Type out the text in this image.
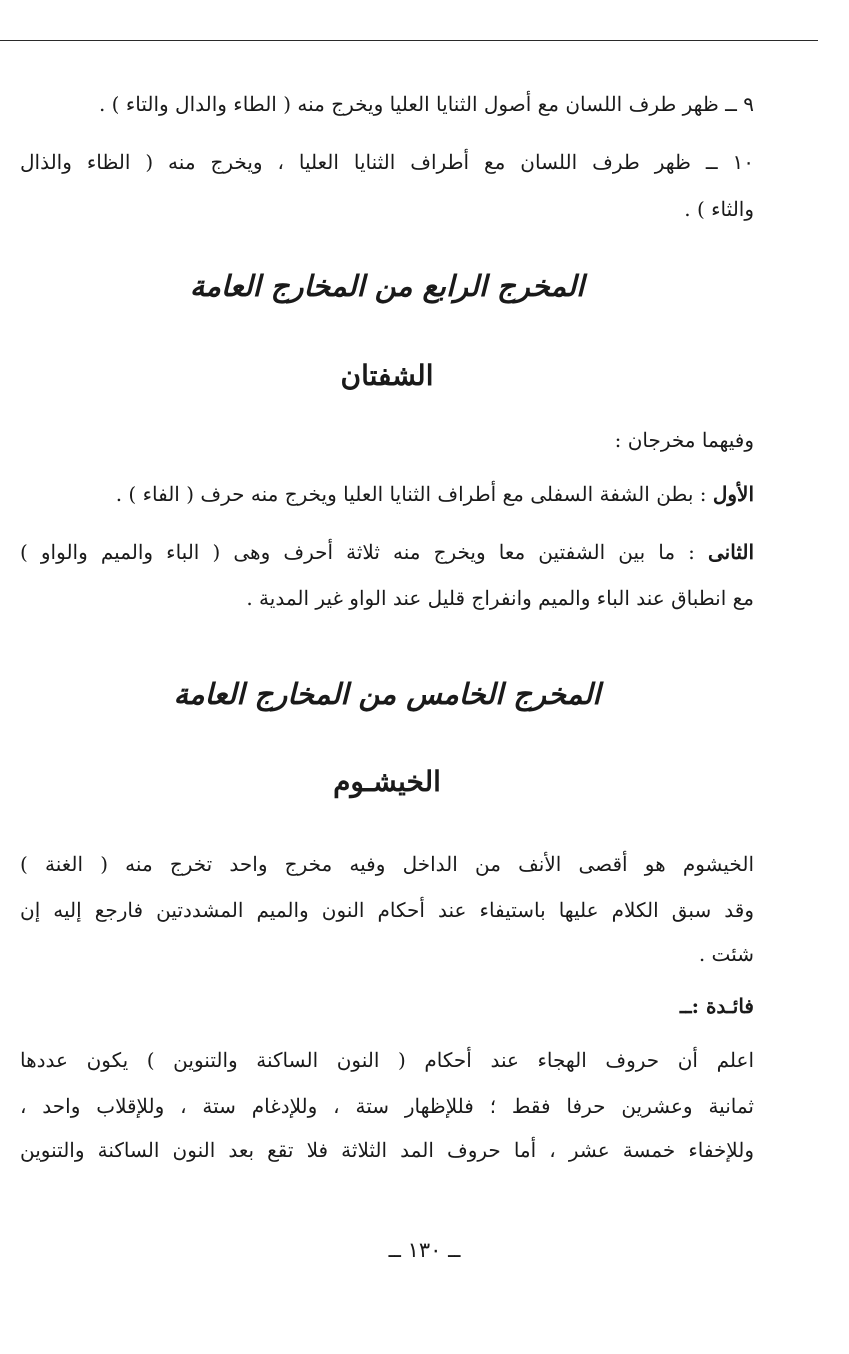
٩ ــ ظهر طرف اللسان مع أصول الثنايا العليا ويخرج منه ( الطاء والدال والتاء ) .
١٠ ــ ظهر طرف اللسان مع أطراف الثنايا العليا ، ويخرج منه ( الظاء والذال
والثاء ) .
المخرج الرابع من المخارج العامة
الشفتان
وفيهما مخرجان :
الأول : بطن الشفة السفلى مع أطراف الثنايا العليا ويخرج منه حرف ( الفاء ) .
الثانى : ما بين الشفتين معا ويخرج منه ثلاثة أحرف وهى ( الباء والميم والواو )
مع انطباق عند الباء والميم وانفراج قليل عند الواو غير المدية .
المخرج الخامس من المخارج العامة
الخيشـوم
الخيشوم هو أقصى الأنف من الداخل وفيه مخرج واحد تخرج منه ( الغنة )
وقد سبق الكلام عليها باستيفاء عند أحكام النون والميم المشددتين فارجع إليه إن
شئت .
فائـدة :ــ
اعلم أن حروف الهجاء عند أحكام ( النون الساكنة والتنوين ) يكون عددها
ثمانية وعشرين حرفا فقط ؛ فللإظهار ستة ، وللإدغام ستة ، وللإقلاب واحد ،
وللإخفاء خمسة عشر ، أما حروف المد الثلاثة فلا تقع بعد النون الساكنة والتنوين
ــ ١٣٠ ــ
